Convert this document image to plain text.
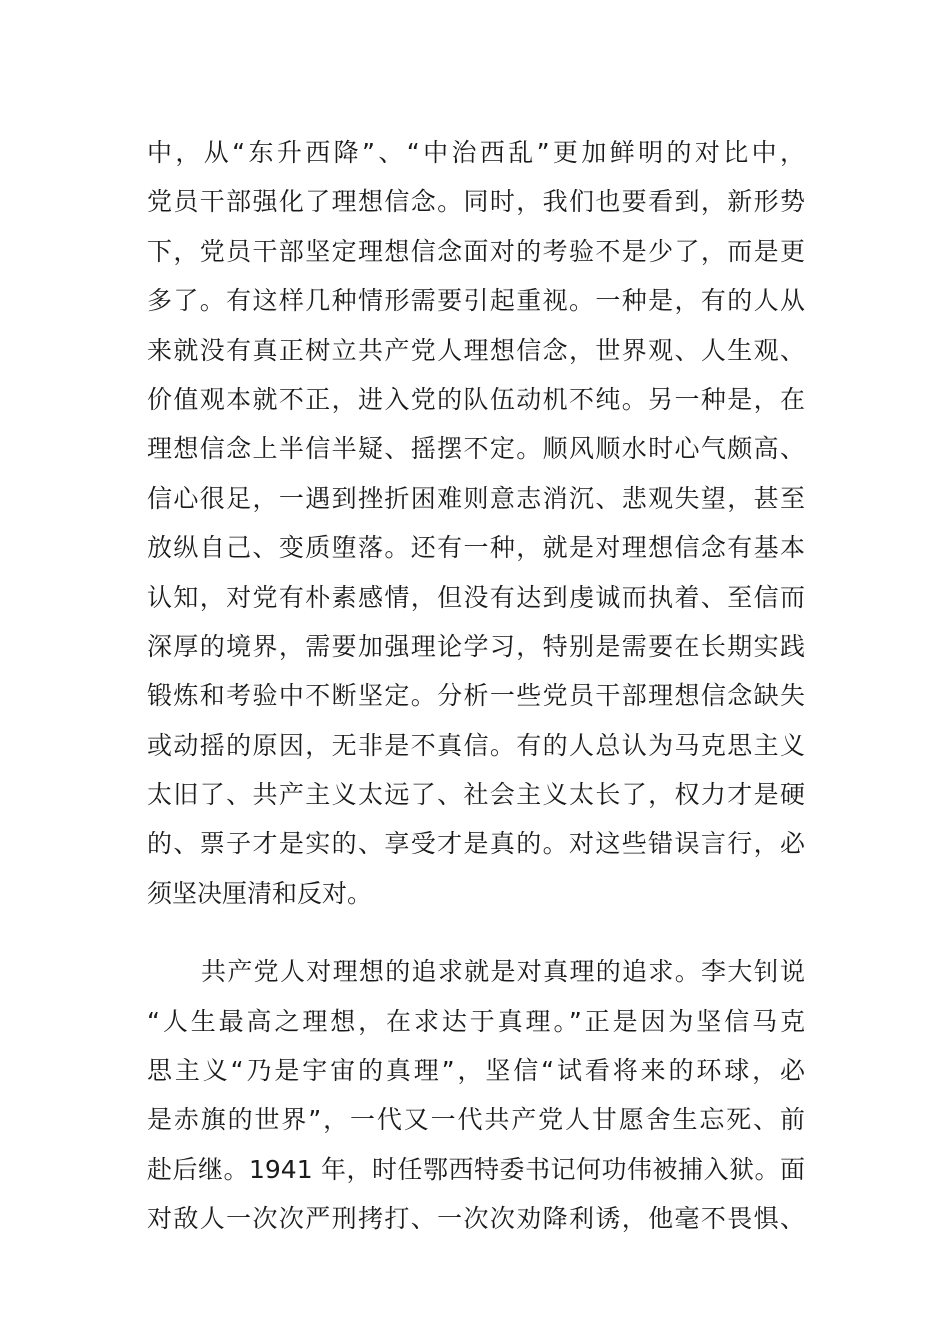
中，从“东升西降”、“中治西乱”更加鲜明的对比中，
党员干部强化了理想信念。同时，我们也要看到，新形势
下，党员干部坚定理想信念面对的考验不是少了，而是更
多了。有这样几种情形需要引起重视。一种是，有的人从
来就没有真正树立共产党人理想信念，世界观、人生观、
价值观本就不正，进入党的队伍动机不纯。另一种是，在
理想信念上半信半疑、摇摆不定。顺风顺水时心气颇高、
信心很足，一遇到挫折困难则意志消沉、悲观失望，甚至
放纵自己、变质堕落。还有一种，就是对理想信念有基本
认知，对党有朴素感情，但没有达到虔诚而执着、至信而
深厚的境界，需要加强理论学习，特别是需要在长期实践
锻炼和考验中不断坚定。分析一些党员干部理想信念缺失
或动摇的原因，无非是不真信。有的人总认为马克思主义
太旧了、共产主义太远了、社会主义太长了，权力才是硬
的、票子才是实的、享受才是真的。对这些错误言行，必
须坚决厘清和反对。
共产党人对理想的追求就是对真理的追求。李大钊说
“人生最高之理想，在求达于真理。”正是因为坚信马克
思主义“乃是宇宙的真理”，坚信“试看将来的环球，必
是赤旗的世界”，一代又一代共产党人甘愿舍生忘死、前
赴后继。1941 年，时任鄂西特委书记何功伟被捕入狱。面
对敌人一次次严刑拷打、一次次劝降利诱，他毫不畏惧、
